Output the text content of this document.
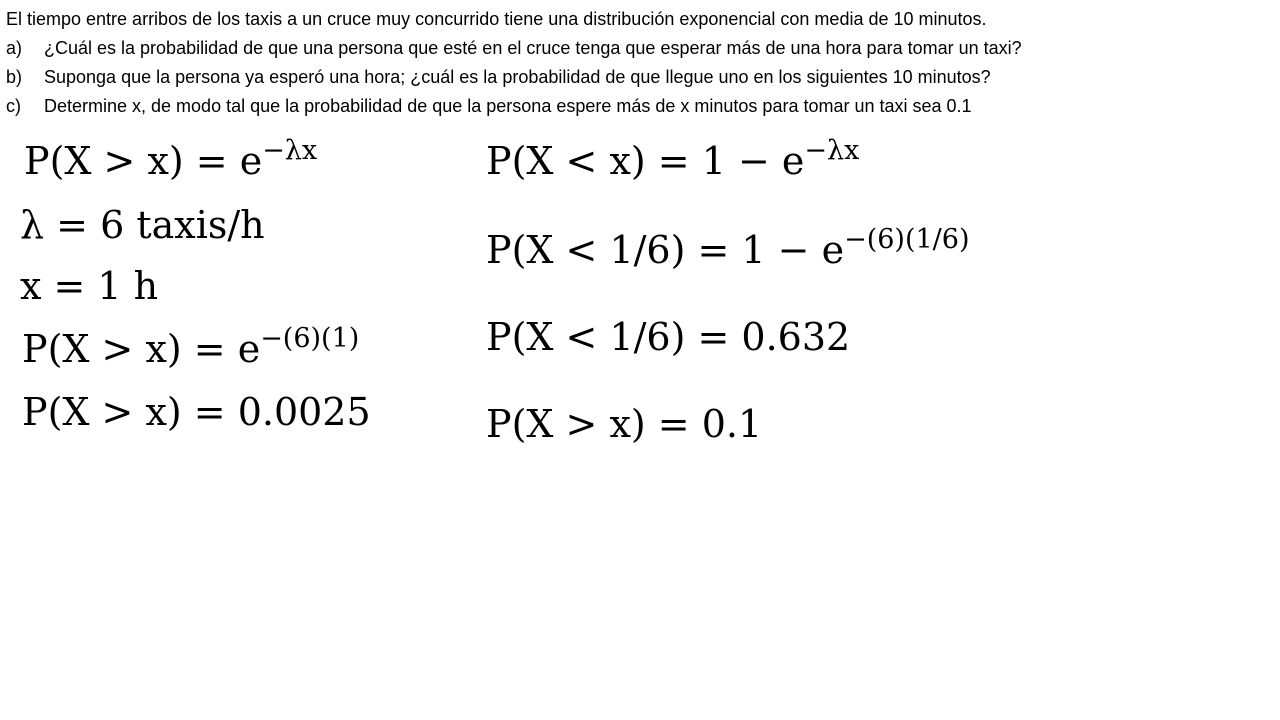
El tiempo entre arribos de los taxis a un cruce muy concurrido tiene una distribución exponencial con media de 10 minutos.
a)	¿Cuál es la probabilidad de que una persona que esté en el cruce tenga que esperar más de una hora para tomar un taxi?
b)	Suponga que la persona ya esperó una hora; ¿cuál es la probabilidad de que llegue uno en los siguientes 10 minutos?
c)	Determine x, de modo tal que la probabilidad de que la persona espere más de x minutos para tomar un taxi sea 0.1
$P(X > x) = e^{-\lambda x}$
λ = 6 taxis/h
x = 1 h
$P(X > x) = e^{-(6)(1)}$
P(X > x) = 0.0025
$P(X < x) = 1 - e^{-\lambda x}$
$P(X < 1/6) = 1 - e^{-(6)(1/6)}$
P(X < 1/6) = 0.632
P(X > x) = 0.1
